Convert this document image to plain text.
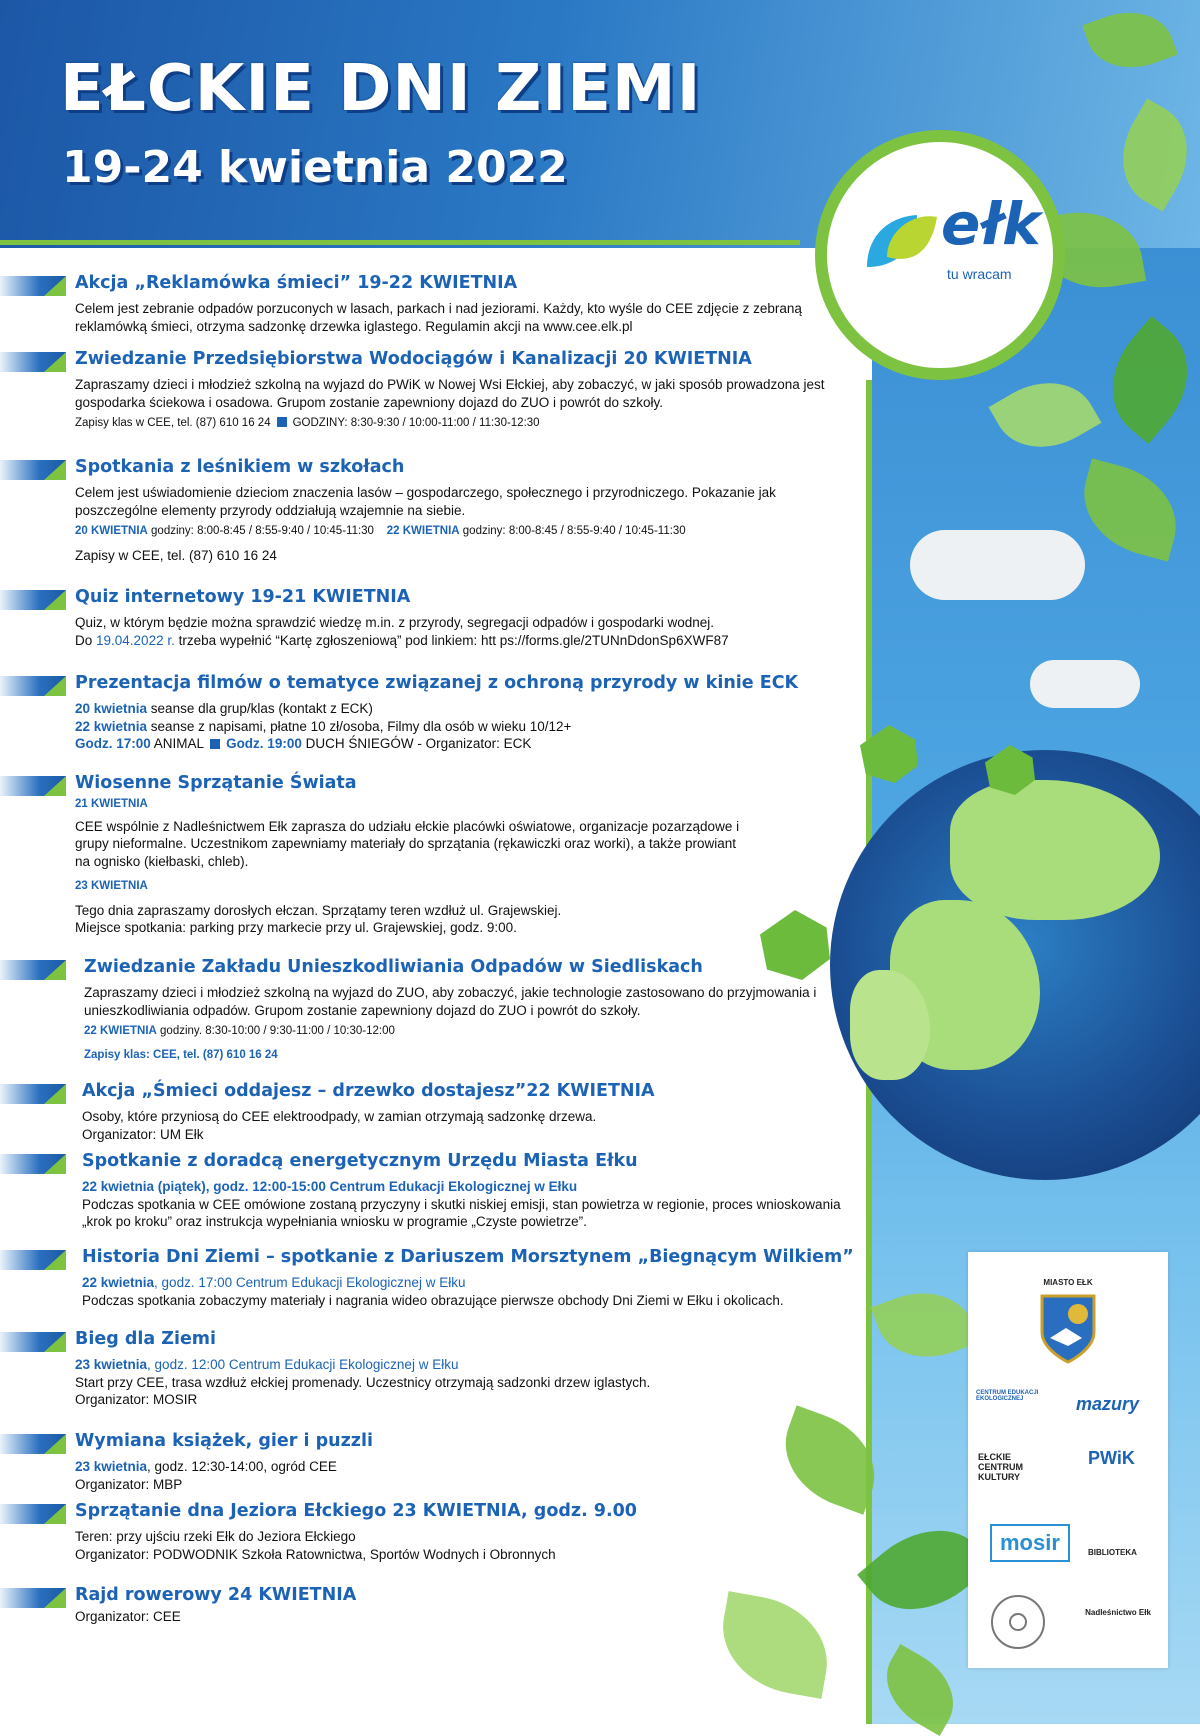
EŁCKIE DNI ZIEMI
19-24 kwietnia 2022
ełk
tu wracam

Akcja „Reklamówka śmieci” 19-22 KWIETNIA

Celem jest zebranie odpadów porzuconych w lasach, parkach i nad jeziorami. Każdy, kto wyśle do CEE zdjęcie z zebraną reklamówką śmieci, otrzyma sadzonkę drzewka iglastego. Regulamin akcji na www.cee.elk.pl

Zwiedzanie Przedsiębiorstwa Wodociągów i Kanalizacji 20 KWIETNIA

Zapraszamy dzieci i młodzież szkolną na wyjazd do PWiK w Nowej Wsi Ełckiej, aby zobaczyć, w jaki sposób prowadzona jest gospodarka ściekowa i osadowa. Grupom zostanie zapewniony dojazd do ZUO i powrót do szkoły.

Zapisy klas w CEE, tel. (87) 610 16 24 GODZINY: 8:30-9:30 / 10:00-11:00 / 11:30-12:30

Spotkania z leśnikiem w szkołach

Celem jest uświadomienie dzieciom znaczenia lasów – gospodarczego, społecznego i przyrodniczego. Pokazanie jak poszczególne elementy przyrody oddziałują wzajemnie na siebie.

20 KWIETNIA godziny: 8:00-8:45 / 8:55-9:40 / 10:45-11:30 22 KWIETNIA godziny: 8:00-8:45 / 8:55-9:40 / 10:45-11:30

Zapisy w CEE, tel. (87) 610 16 24

Quiz internetowy 19-21 KWIETNIA

Quiz, w którym będzie można sprawdzić wiedzę m.in. z przyrody, segregacji odpadów i gospodarki wodnej.

Do 19.04.2022 r. trzeba wypełnić “Kartę zgłoszeniową” pod linkiem: htt ps://forms.gle/2TUNnDdonSp6XWF87

Prezentacja filmów o tematyce związanej z ochroną przyrody w kinie ECK

20 kwietnia seanse dla grup/klas (kontakt z ECK)

22 kwietnia seanse z napisami, płatne 10 zł/osoba, Filmy dla osób w wieku 10/12+

Godz. 17:00 ANIMAL Godz. 19:00 DUCH ŚNIEGÓW - Organizator: ECK

Wiosenne Sprzątanie Świata

21 KWIETNIA

CEE wspólnie z Nadleśnictwem Ełk zaprasza do udziału ełckie placówki oświatowe, organizacje pozarządowe i grupy nieformalne. Uczestnikom zapewniamy materiały do sprzątania (rękawiczki oraz worki), a także prowiant na ognisko (kiełbaski, chleb).

23 KWIETNIA

Tego dnia zapraszamy dorosłych ełczan. Sprzątamy teren wzdłuż ul. Grajewskiej.

Miejsce spotkania: parking przy markecie przy ul. Grajewskiej, godz. 9:00.

Zwiedzanie Zakładu Unieszkodliwiania Odpadów w Siedliskach

Zapraszamy dzieci i młodzież szkolną na wyjazd do ZUO, aby zobaczyć, jakie technologie zastosowano do przyjmowania i unieszkodliwiania odpadów. Grupom zostanie zapewniony dojazd do ZUO i powrót do szkoły.

22 KWIETNIA godziny. 8:30-10:00 / 9:30-11:00 / 10:30-12:00

Zapisy klas: CEE, tel. (87) 610 16 24

Akcja „Śmieci oddajesz – drzewko dostajesz”22 KWIETNIA

Osoby, które przyniosą do CEE elektroodpady, w zamian otrzymają sadzonkę drzewa.

Organizator: UM Ełk

Spotkanie z doradcą energetycznym Urzędu Miasta Ełku

22 kwietnia (piątek), godz. 12:00-15:00 Centrum Edukacji Ekologicznej w Ełku

Podczas spotkania w CEE omówione zostaną przyczyny i skutki niskiej emisji, stan powietrza w regionie, proces wnioskowania „krok po kroku” oraz instrukcja wypełniania wniosku w programie „Czyste powietrze”.

Historia Dni Ziemi – spotkanie z Dariuszem Morsztynem „Biegnącym Wilkiem”

22 kwietnia, godz. 17:00 Centrum Edukacji Ekologicznej w Ełku

Podczas spotkania zobaczymy materiały i nagrania wideo obrazujące pierwsze obchody Dni Ziemi w Ełku i okolicach.

Bieg dla Ziemi

23 kwietnia, godz. 12:00 Centrum Edukacji Ekologicznej w Ełku

Start przy CEE, trasa wzdłuż ełckiej promenady. Uczestnicy otrzymają sadzonki drzew iglastych.

Organizator: MOSIR

Wymiana książek, gier i puzzli

23 kwietnia, godz. 12:30-14:00, ogród CEE

Organizator: MBP

Sprzątanie dna Jeziora Ełckiego 23 KWIETNIA, godz. 9.00

Teren: przy ujściu rzeki Ełk do Jeziora Ełckiego

Organizator: PODWODNIK Szkoła Ratownictwa, Sportów Wodnych i Obronnych

Rajd rowerowy 24 KWIETNIA

Organizator: CEE

MIASTO EŁK
CENTRUM EDUKACJI EKOLOGICZNEJ	mazury
EŁCKIE CENTRUM KULTURY
PWiK
mosir	BIBLIOTEKA
Nadleśnictwo Ełk
